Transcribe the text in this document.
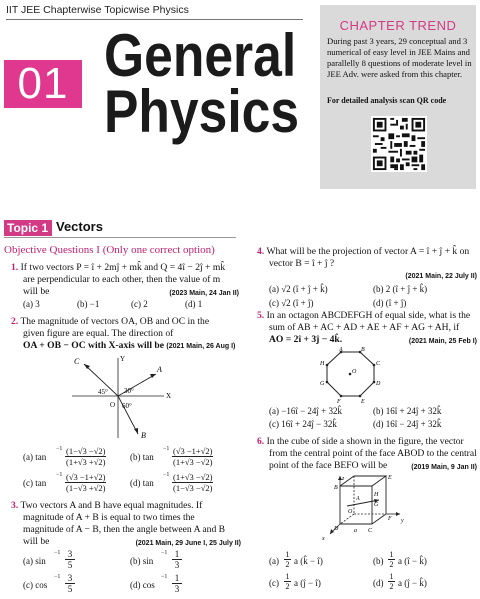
IIT JEE Chapterwise Topicwise Physics
01 General
Physics
CHAPTER TREND
During past 3 years, 29 conceptual and 3 numerical of easy level in JEE Mains and parallelly 8 questions of moderate level in JEE Adv. were asked from this chapter.
For detailed analysis scan QR code
Topic 1 Vectors
Objective Questions I (Only one correct option)
1. If two vectors P = î + 2mĵ + mk̂ and Q = 4î − 2ĵ + mk̂
are perpendicular to each other, then the value of m
will be	(2023 Main, 24 Jan II)
(a) 3	(b) −1	(c) 2	(d) 1
2. The magnitude of vectors OA, OB and OC in the
given figure are equal. The direction of
OA + OB − OC with X-axis will be (2021 Main, 26 Aug I)
Y
C
A
X
O
B
45° 30°
60°
(a) tan
$-1 \frac{(1-√3 -√2)}{(1+√3 +√2)}$	(b) tan
$-1 \frac{(√3 -1+√2)}{(1+√3 -√2)}$
(c) tan
$-1 \frac{(√3 -1+√2)}{(1-√3 +√2)}$	(d) tan
$-1 \frac{(1+√3 -√2)}{(1-√3 -√2)}$
3. Two vectors A and B have equal magnitudes. If
magnitude of A + B is equal to two times the
magnitude of A − B, then the angle between A and B
will be	(2021 Main, 29 June I, 25 July II)
(a) sin
$-1 \frac{3}{5}$	(b) sin
$-1 \frac{1}{3}$
(c) cos
$-1 \frac{3}{5}$	(d) cos
$-1 \frac{1}{3}$
4. What will be the projection of vector A = î + ĵ + k̂ on
vector B = î + ĵ ?
(2021 Main, 22 July II)
(a) √2 (î + ĵ + k̂)	(b) 2 (î + ĵ + k̂)
(c) √2 (î + ĵ)	(d) (î + ĵ)
5. In an octagon ABCDEFGH of equal side, what is the
sum of AB + AC + AD + AE + AF + AG + AH, if
AO = 2î + 3ĵ − 4k̂.	(2021 Main, 25 Feb I)
A	B
C
D
E
F
G
H
O
(a) −16î − 24ĵ + 32k̂	(b) 16î + 24ĵ + 32k̂
(c) 16î + 24ĵ − 32k̂	(d) 16î − 24ĵ + 32k̂
6. In the cube of side a shown in the figure, the vector
from the central point of the face ABOD to the central
point of the face BEFO will be	(2019 Main, 9 Jan II)
z
B
E
H
A
G
O
F y
D	C
x
a
$(a) \frac{1}{2}$ a (k̂ − î)	$(b) \frac{1}{2}$ a (î − k̂)
$(c) \frac{1}{2}$ a (ĵ − î)	$(d) \frac{1}{2}$ a (ĵ − k̂)
